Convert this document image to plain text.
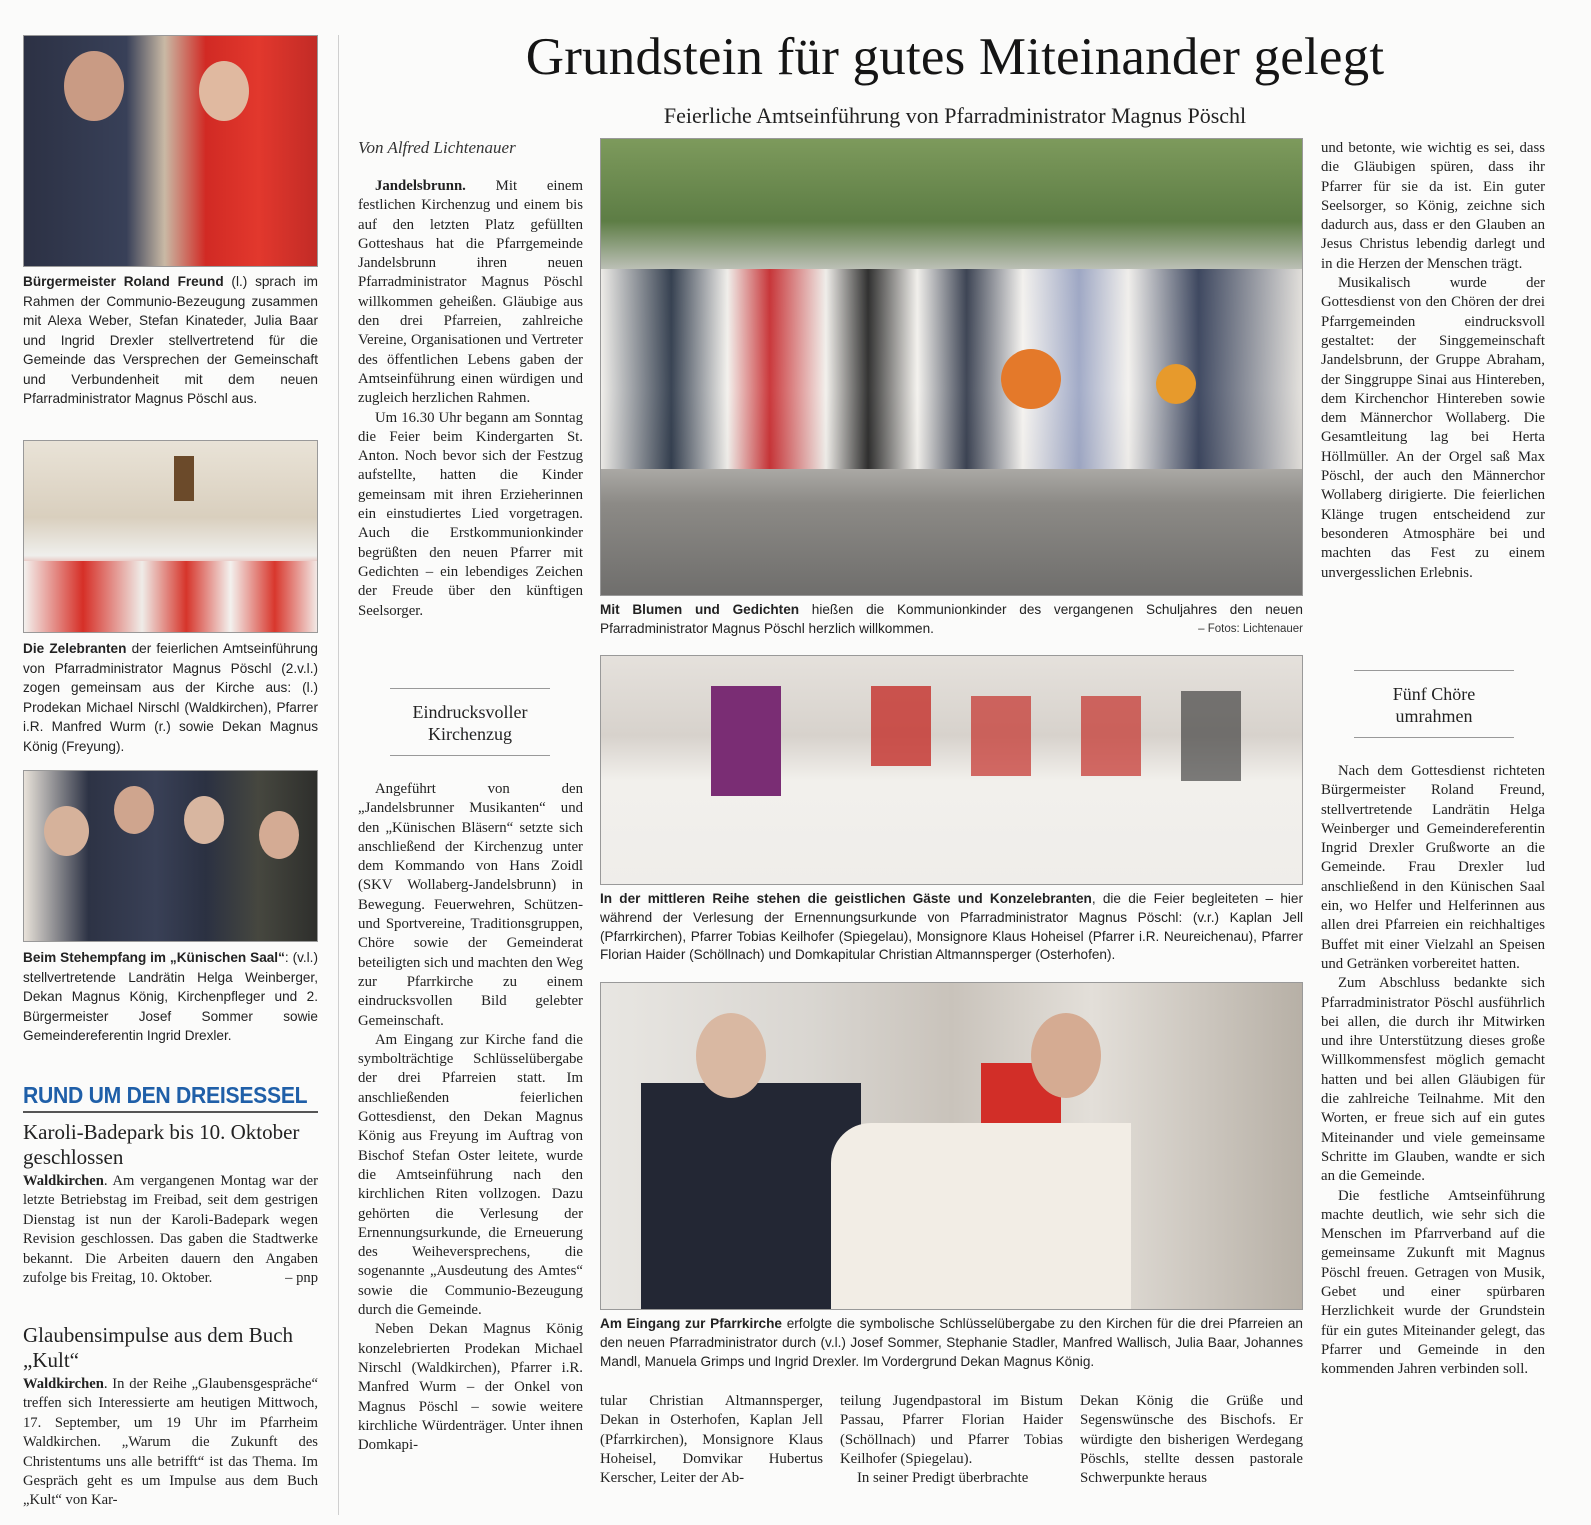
Bürgermeister Roland Freund (l.) sprach im Rahmen der Communio-Bezeugung zusammen mit Alexa Weber, Stefan Kinateder, Julia Baar und Ingrid Drexler stellvertretend für die Gemeinde das Versprechen der Gemeinschaft und Verbundenheit mit dem neuen Pfarradministrator Magnus Pöschl aus.
Die Zelebranten der feierlichen Amtseinführung von Pfarradministrator Magnus Pöschl (2.v.l.) zogen gemeinsam aus der Kirche aus: (l.) Prodekan Michael Nirschl (Waldkirchen), Pfarrer i.R. Manfred Wurm (r.) sowie Dekan Magnus König (Freyung).
Beim Stehempfang im „Künischen Saal“: (v.l.) stellvertretende Landrätin Helga Weinberger, Dekan Magnus König, Kirchenpfleger und 2. Bürgermeister Josef Sommer sowie Gemeindereferentin Ingrid Drexler.
RUND UM DEN DREISESSEL
Karoli-Badepark bis 10. Oktober geschlossen
Waldkirchen. Am vergangenen Montag war der letzte Betriebstag im Freibad, seit dem gestrigen Dienstag ist nun der Karoli-Badepark wegen Revision geschlossen. Das gaben die Stadtwerke bekannt. Die Arbeiten dauern den Angaben zufolge bis Freitag, 10. Oktober.	– pnp
Glaubensimpulse aus dem Buch „Kult“
Waldkirchen. In der Reihe „Glaubensgespräche“ treffen sich Interessierte am heutigen Mittwoch, 17. September, um 19 Uhr im Pfarrheim Waldkirchen. „Warum die Zukunft des Christentums uns alle betrifft“ ist das Thema. Im Gespräch geht es um Impulse aus dem Buch „Kult“ von Kar-
Grundstein für gutes Miteinander gelegt
Feierliche Amtseinführung von Pfarradministrator Magnus Pöschl
Von Alfred Lichtenauer

Jandelsbrunn. Mit einem festlichen Kirchenzug und einem bis auf den letzten Platz gefüllten Gotteshaus hat die Pfarrgemeinde Jandelsbrunn ihren neuen Pfarradministrator Magnus Pöschl willkommen geheißen. Gläubige aus den drei Pfarreien, zahlreiche Vereine, Organisationen und Vertreter des öffentlichen Lebens gaben der Amtseinführung einen würdigen und zugleich herzlichen Rahmen.

Um 16.30 Uhr begann am Sonntag die Feier beim Kindergarten St. Anton. Noch bevor sich der Festzug aufstellte, hatten die Kinder gemeinsam mit ihren Erzieherinnen ein einstudiertes Lied vorgetragen. Auch die Erstkommunionkinder begrüßten den neuen Pfarrer mit Gedichten – ein lebendiges Zeichen der Freude über den künftigen Seelsorger.

Eindrucksvoller Kirchenzug

Angeführt von den „Jandelsbrunner Musikanten“ und den „Künischen Bläsern“ setzte sich anschließend der Kirchenzug unter dem Kommando von Hans Zoidl (SKV Wollaberg-Jandelsbrunn) in Bewegung. Feuerwehren, Schützen- und Sportvereine, Traditionsgruppen, Chöre sowie der Gemeinderat beteiligten sich und machten den Weg zur Pfarrkirche zu einem eindrucksvollen Bild gelebter Gemeinschaft.

Am Eingang zur Kirche fand die symbolträchtige Schlüsselübergabe der drei Pfarreien statt. Im anschließenden feierlichen Gottesdienst, den Dekan Magnus König aus Freyung im Auftrag von Bischof Stefan Oster leitete, wurde die Amtseinführung nach den kirchlichen Riten vollzogen. Dazu gehörten die Verlesung der Ernennungsurkunde, die Erneuerung des Weiheversprechens, die sogenannte „Ausdeutung des Amtes“ sowie die Communio-Bezeugung durch die Gemeinde.

Neben Dekan Magnus König konzelebrierten Prodekan Michael Nirschl (Waldkirchen), Pfarrer i.R. Manfred Wurm – der Onkel von Magnus Pöschl – sowie weitere kirchliche Würdenträger. Unter ihnen Domkapi-

Mit Blumen und Gedichten hießen die Kommunionkinder des vergangenen Schuljahres den neuen Pfarradministrator Magnus Pöschl herzlich willkommen.	– Fotos: Lichtenauer
In der mittleren Reihe stehen die geistlichen Gäste und Konzelebranten, die die Feier begleiteten – hier während der Verlesung der Ernennungsurkunde von Pfarradministrator Magnus Pöschl: (v.r.) Kaplan Jell (Pfarrkirchen), Pfarrer Tobias Keilhofer (Spiegelau), Monsignore Klaus Hoheisel (Pfarrer i.R. Neureichenau), Pfarrer Florian Haider (Schöllnach) und Domkapitular Christian Altmannsperger (Osterhofen).
Am Eingang zur Pfarrkirche erfolgte die symbolische Schlüsselübergabe zu den Kirchen für die drei Pfarreien an den neuen Pfarradministrator durch (v.l.) Josef Sommer, Stephanie Stadler, Manfred Wallisch, Julia Baar, Johannes Mandl, Manuela Grimps und Ingrid Drexler. Im Vordergrund Dekan Magnus König.

tular Christian Altmannsperger, Dekan in Osterhofen, Kaplan Jell (Pfarrkirchen), Monsignore Klaus Hoheisel, Domvikar Hubertus Kerscher, Leiter der Ab-

teilung Jugendpastoral im Bistum Passau, Pfarrer Florian Haider (Schöllnach) und Pfarrer Tobias Keilhofer (Spiegelau).

In seiner Predigt überbrachte

Dekan König die Grüße und Segenswünsche des Bischofs. Er würdigte den bisherigen Werdegang Pöschls, stellte dessen pastorale Schwerpunkte heraus

und betonte, wie wichtig es sei, dass die Gläubigen spüren, dass ihr Pfarrer für sie da ist. Ein guter Seelsorger, so König, zeichne sich dadurch aus, dass er den Glauben an Jesus Christus lebendig darlegt und in die Herzen der Menschen trägt.

Musikalisch wurde der Gottesdienst von den Chören der drei Pfarrgemeinden eindrucksvoll gestaltet: der Singgemeinschaft Jandelsbrunn, der Gruppe Abraham, der Singgruppe Sinai aus Hintereben, dem Kirchenchor Hintereben sowie dem Männerchor Wollaberg. Die Gesamtleitung lag bei Herta Höllmüller. An der Orgel saß Max Pöschl, der auch den Männerchor Wollaberg dirigierte. Die feierlichen Klänge trugen entscheidend zur besonderen Atmosphäre bei und machten das Fest zu einem unvergesslichen Erlebnis.

Fünf Chöre umrahmen

Nach dem Gottesdienst richteten Bürgermeister Roland Freund, stellvertretende Landrätin Helga Weinberger und Gemeindereferentin Ingrid Drexler Grußworte an die Gemeinde. Frau Drexler lud anschließend in den Künischen Saal ein, wo Helfer und Helferinnen aus allen drei Pfarreien ein reichhaltiges Buffet mit einer Vielzahl an Speisen und Getränken vorbereitet hatten.

Zum Abschluss bedankte sich Pfarradministrator Pöschl ausführlich bei allen, die durch ihr Mitwirken und ihre Unterstützung dieses große Willkommensfest möglich gemacht hatten und bei allen Gläubigen für die zahlreiche Teilnahme. Mit den Worten, er freue sich auf ein gutes Miteinander und viele gemeinsame Schritte im Glauben, wandte er sich an die Gemeinde.

Die festliche Amtseinführung machte deutlich, wie sehr sich die Menschen im Pfarrverband auf die gemeinsame Zukunft mit Magnus Pöschl freuen. Getragen von Musik, Gebet und einer spürbaren Herzlichkeit wurde der Grundstein für ein gutes Miteinander gelegt, das Pfarrer und Gemeinde in den kommenden Jahren verbinden soll.
